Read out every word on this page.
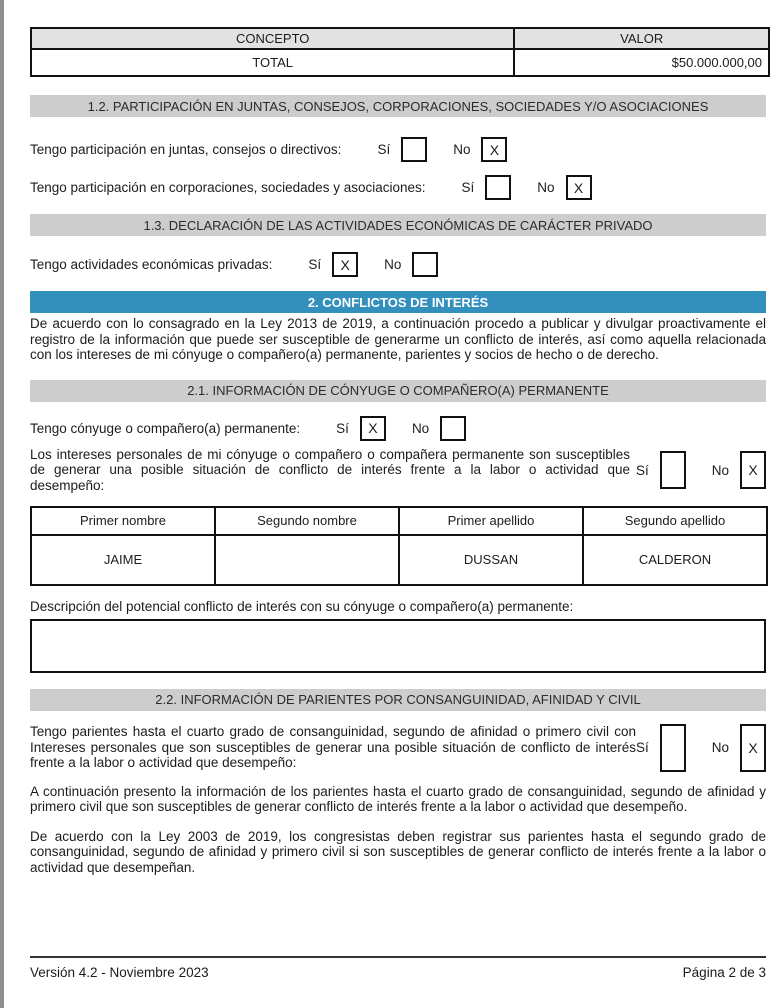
CONCEPTO	VALOR
TOTAL	$50.000.000,00
1.2. PARTICIPACIÓN EN JUNTAS, CONSEJOS, CORPORACIONES, SOCIEDADES Y/O ASOCIACIONES
Tengo participación en juntas, consejos o directivos:	Sí	No	X
Tengo participación en corporaciones, sociedades y asociaciones:	Sí	No	X
1.3. DECLARACIÓN DE LAS ACTIVIDADES ECONÓMICAS DE CARÁCTER PRIVADO
Tengo actividades económicas privadas:	Sí	X	No
2. CONFLICTOS DE INTERÉS

De acuerdo con lo consagrado en la Ley 2013 de 2019, a continuación procedo a publicar y divulgar proactivamente el registro de la información que puede ser susceptible de generarme un conflicto de interés, así como aquella relacionada con los intereses de mi cónyuge o compañero(a) permanente, parientes y socios de hecho o de derecho.

2.1. INFORMACIÓN DE CÓNYUGE O COMPAÑERO(A) PERMANENTE
Tengo cónyuge o compañero(a) permanente:	Sí	X	No
Los intereses personales de mi cónyuge o compañero o compañera permanente son susceptibles de generar una posible situación de conflicto de interés frente a la labor o actividad que desempeño:
Sí	No	X
Primer nombre	Segundo nombre	Primer apellido	Segundo apellido
JAIME		DUSSAN	CALDERON
Descripción del potencial conflicto de interés con su cónyuge o compañero(a) permanente:
2.2. INFORMACIÓN DE PARIENTES POR CONSANGUINIDAD, AFINIDAD Y CIVIL
Tengo parientes hasta el cuarto grado de consanguinidad, segundo de afinidad o primero civil con Intereses personales que son susceptibles de generar una posible situación de conflicto de interés frente a la labor o actividad que desempeño:
Sí	No	X

A continuación presento la información de los parientes hasta el cuarto grado de consanguinidad, segundo de afinidad y primero civil que son susceptibles de generar conflicto de interés frente a la labor o actividad que desempeño.

De acuerdo con la Ley 2003 de 2019, los congresistas deben registrar sus parientes hasta el segundo grado de consanguinidad, segundo de afinidad y primero civil si son susceptibles de generar conflicto de interés frente a la labor o actividad que desempeñan.

Versión 4.2 - Noviembre 2023	Página 2 de 3
